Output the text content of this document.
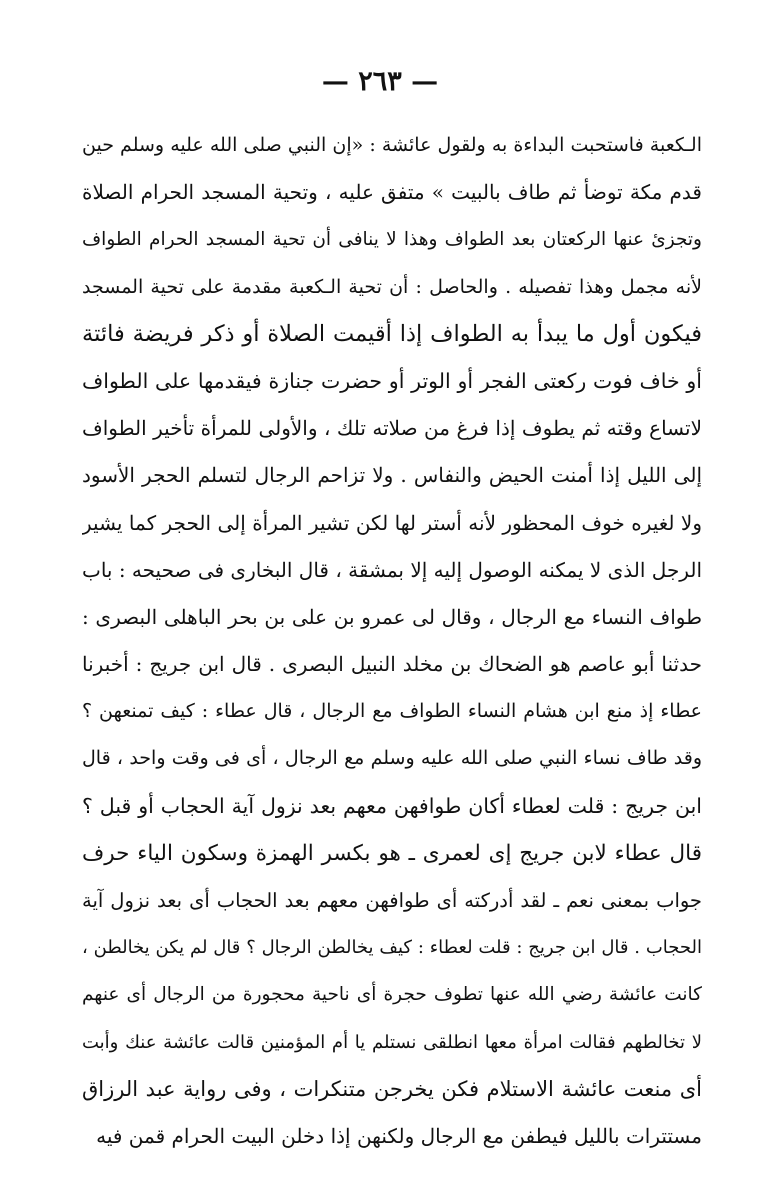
— ٢٦٣ —
الـكعبة فاستحبت البداءة به ولقول عائشة : «إن النبي صلى الله عليه وسلم حين
قدم مكة توضأ ثم طاف بالبيت » متفق عليه ، وتحية المسجد الحرام الصلاة
وتجزئ عنها الركعتان بعد الطواف وهذا لا ينافى أن تحية المسجد الحرام الطواف
لأنه مجمل وهذا تفصيله . والحاصل : أن تحية الـكعبة مقدمة على تحية المسجد
فيكون أول ما يبدأ به الطواف إذا أقيمت الصلاة أو ذكر فريضة فائتة
أو خاف فوت ركعتى الفجر أو الوتر أو حضرت جنازة فيقدمها على الطواف
لاتساع وقته ثم يطوف إذا فرغ من صلاته تلك ، والأولى للمرأة تأخير الطواف
إلى الليل إذا أمنت الحيض والنفاس . ولا تزاحم الرجال لتسلم الحجر الأسود
ولا لغيره خوف المحظور لأنه أستر لها لكن تشير المرأة إلى الحجر كما يشير
الرجل الذى لا يمكنه الوصول إليه إلا بمشقة ، قال البخارى فى صحيحه : باب
طواف النساء مع الرجال ، وقال لى عمرو بن على بن بحر الباهلى البصرى :
حدثنا أبو عاصم هو الضحاك بن مخلد النبيل البصرى . قال ابن جريج : أخبرنا
عطاء إذ منع ابن هشام النساء الطواف مع الرجال ، قال عطاء : كيف تمنعهن ؟
وقد طاف نساء النبي صلى الله عليه وسلم مع الرجال ، أى فى وقت واحد ، قال
ابن جريج : قلت لعطاء أكان طوافهن معهم بعد نزول آية الحجاب أو قبل ؟
قال عطاء لابن جريج إى لعمرى ـ هو بكسر الهمزة وسكون الياء حرف
جواب بمعنى نعم ـ لقد أدركته أى طوافهن معهم بعد الحجاب أى بعد نزول آية
الحجاب . قال ابن جريج : قلت لعطاء : كيف يخالطن الرجال ؟ قال لم يكن يخالطن ،
كانت عائشة رضي الله عنها تطوف حجرة أى ناحية محجورة من الرجال أى عنهم
لا تخالطهم فقالت امرأة معها انطلقى نستلم يا أم المؤمنين قالت عائشة عنك وأبت
أى منعت عائشة الاستلام فكن يخرجن متنكرات ، وفى رواية عبد الرزاق
مستترات بالليل فيطفن مع الرجال ولكنهن إذا دخلن البيت الحرام قمن فيه
